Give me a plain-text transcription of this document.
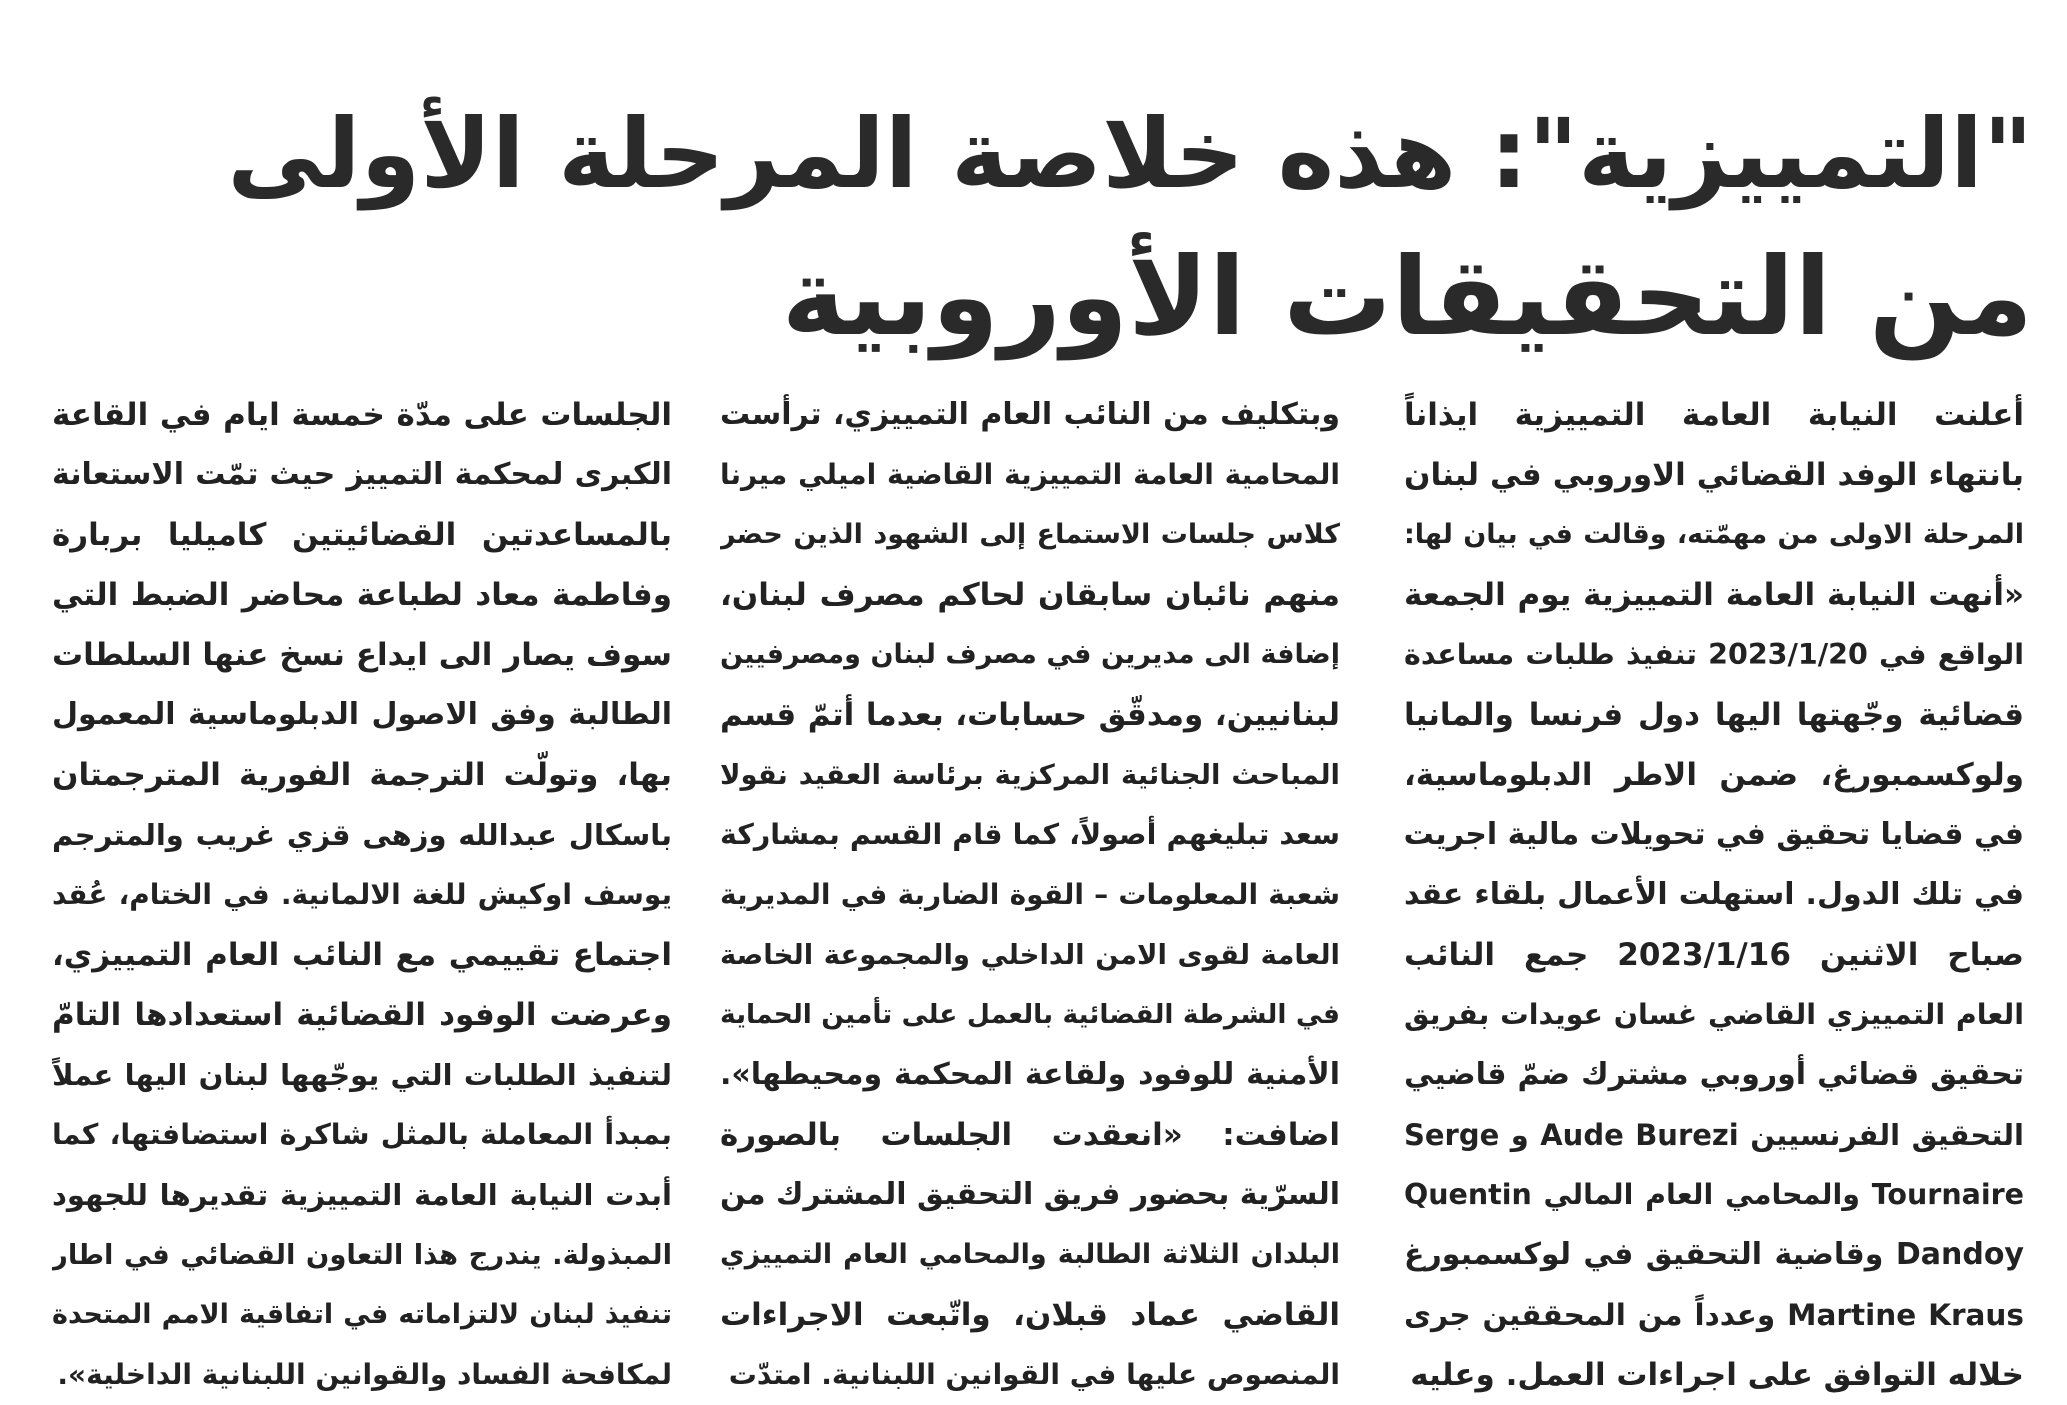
"التمييزية": هذه خلاصة المرحلة الأولى
من التحقيقات الأوروبية
أعلنت النيابة العامة التمييزية ايذاناً
بانتهاء الوفد القضائي الاوروبي في لبنان
المرحلة الاولى من مهمّته، وقالت في بيان لها:
«أنهت النيابة العامة التمييزية يوم الجمعة
الواقع في 2023/1/20 تنفيذ طلبات مساعدة
قضائية وجّهتها اليها دول فرنسا والمانيا
ولوكسمبورغ، ضمن الاطر الدبلوماسية،
في قضايا تحقيق في تحويلات مالية اجريت
في تلك الدول. استهلت الأعمال بلقاء عقد
صباح الاثنين 2023/1/16 جمع النائب
العام التمييزي القاضي غسان عويدات بفريق
تحقيق قضائي أوروبي مشترك ضمّ قاضيي
التحقيق الفرنسيين Aude Burezi و Serge
Tournaire والمحامي العام المالي Quentin
Dandoy وقاضية التحقيق في لوكسمبورغ
Martine Kraus وعدداً من المحققين جرى
خلاله التوافق على اجراءات العمل. وعليه
وبتكليف من النائب العام التمييزي، ترأست
المحامية العامة التمييزية القاضية اميلي ميرنا
كلاس جلسات الاستماع إلى الشهود الذين حضر
منهم نائبان سابقان لحاكم مصرف لبنان،
إضافة الى مديرين في مصرف لبنان ومصرفيين
لبنانيين، ومدقّق حسابات، بعدما أتمّ قسم
المباحث الجنائية المركزية برئاسة العقيد نقولا
سعد تبليغهم أصولاً، كما قام القسم بمشاركة
شعبة المعلومات – القوة الضاربة في المديرية
العامة لقوى الامن الداخلي والمجموعة الخاصة
في الشرطة القضائية بالعمل على تأمين الحماية
الأمنية للوفود ولقاعة المحكمة ومحيطها».
اضافت: «انعقدت الجلسات بالصورة
السرّية بحضور فريق التحقيق المشترك من
البلدان الثلاثة الطالبة والمحامي العام التمييزي
القاضي عماد قبلان، واتّبعت الاجراءات
المنصوص عليها في القوانين اللبنانية. امتدّت
الجلسات على مدّة خمسة ايام في القاعة
الكبرى لمحكمة التمييز حيث تمّت الاستعانة
بالمساعدتين القضائيتين كاميليا بربارة
وفاطمة معاد لطباعة محاضر الضبط التي
سوف يصار الى ايداع نسخ عنها السلطات
الطالبة وفق الاصول الدبلوماسية المعمول
بها، وتولّت الترجمة الفورية المترجمتان
باسكال عبدالله وزهى قزي غريب والمترجم
يوسف اوكيش للغة الالمانية. في الختام، عُقد
اجتماع تقييمي مع النائب العام التمييزي،
وعرضت الوفود القضائية استعدادها التامّ
لتنفيذ الطلبات التي يوجّهها لبنان اليها عملاً
بمبدأ المعاملة بالمثل شاكرة استضافتها، كما
أبدت النيابة العامة التمييزية تقديرها للجهود
المبذولة. يندرج هذا التعاون القضائي في اطار
تنفيذ لبنان لالتزاماته في اتفاقية الامم المتحدة
لمكافحة الفساد والقوانين اللبنانية الداخلية».
